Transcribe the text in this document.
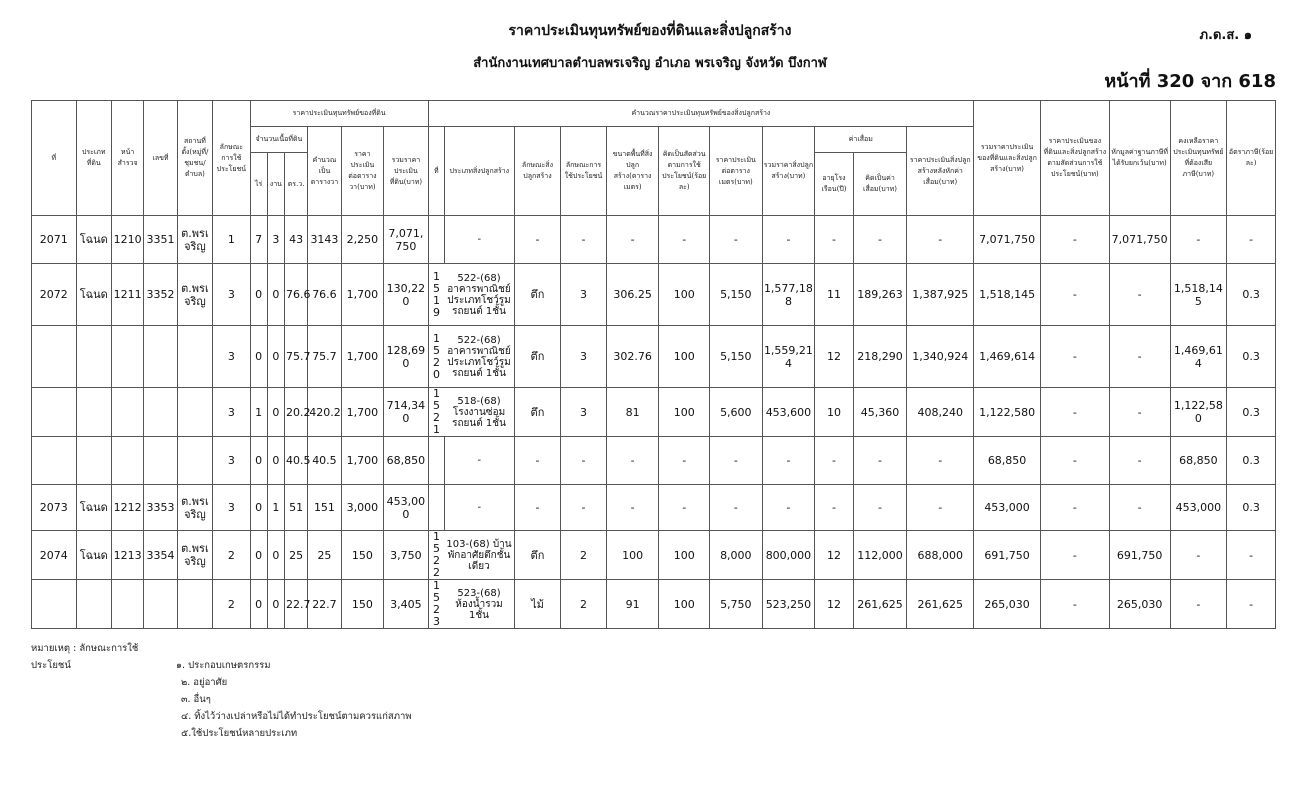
ราคาประเมินทุนทรัพย์ของที่ดินและสิ่งปลูกสร้าง	ภ.ด.ส. ๑
สำนักงานเทศบาลตำบลพรเจริญ อำเภอ พรเจริญ จังหวัด บึงกาฬ
หน้าที่ 320 จาก 618
ที่	ประเภทที่ดิน	หน้าสำรวจ	เลขที่	สถานที่ตั้ง(หมู่ที่/ชุมชน/ตำบล)	ลักษณะการใช้ประโยชน์	ราคาประเมินทุนทรัพย์ของที่ดิน						คำนวณราคาประเมินทุนทรัพย์ของสิ่งปลูกสร้าง											รวมราคาประเมินของที่ดินและสิ่งปลูกสร้าง(บาท)	ราคาประเมินของที่ดินและสิ่งปลูกสร้างตามสัดส่วนการใช้ประโยชน์(บาท)	หักมูลค่าฐานภาษีที่ได้รับยกเว้น(บาท)	คงเหลือราคาประเมินทุนทรัพย์ที่ต้องเสียภาษี(บาท)	อัตราภาษี(ร้อยละ)
						จำนวนเนื้อที่ดิน			คำนวณเป็นตารางวา	ราคาประเมินต่อตารางวา(บาท)	รวมราคาประเมินที่ดิน(บาท)	ที่	ประเภทสิ่งปลูกสร้าง	ลักษณะสิ่งปลูกสร้าง	ลักษณะการใช้ประโยชน์	ขนาดพื้นที่สิ่งปลูกสร้าง(ตารางเมตร)	คิดเป็นสัดส่วนตามการใช้ประโยชน์(ร้อยละ)	ราคาประเมินต่อตารางเมตร(บาท)	รวมราคาสิ่งปลูกสร้าง(บาท)	ค่าเสื่อม		ราคาประเมินสิ่งปลูกสร้างหลังหักค่าเสื่อม(บาท)					
						ไร่	งาน	ตร.ว.												อายุโรงเรือน(ปี)	คิดเป็นค่าเสื่อม(บาท)						
2071	โฉนด	1210	3351	ต.พรเจริญ	1	7	3	43	3143	2,250	7,071,750		-	-	-	-	-	-	-	-	-	-	7,071,750	-	7,071,750	-	-
2072	โฉนด	1211	3352	ต.พรเจริญ	3	0	0	76.6	76.6	1,700	130,220	1519	522-(68) อาคารพาณิชย์ประเภทโชว์รูมรถยนต์ 1ชั้น	ตึก	3	306.25	100	5,150	1,577,188	11	189,263	1,387,925	1,518,145	-	-	1,518,145	0.3
					3	0	0	75.7	75.7	1,700	128,690	1520	522-(68) อาคารพาณิชย์ประเภทโชว์รูมรถยนต์ 1ชั้น	ตึก	3	302.76	100	5,150	1,559,214	12	218,290	1,340,924	1,469,614	-	-	1,469,614	0.3
					3	1	0	20.2	420.2	1,700	714,340	1521	518-(68) โรงงานซ่อมรถยนต์ 1ชั้น	ตึก	3	81	100	5,600	453,600	10	45,360	408,240	1,122,580	-	-	1,122,580	0.3
					3	0	0	40.5	40.5	1,700	68,850		-	-	-	-	-	-	-	-	-	-	68,850	-	-	68,850	0.3
2073	โฉนด	1212	3353	ต.พรเจริญ	3	0	1	51	151	3,000	453,000		-	-	-	-	-	-	-	-	-	-	453,000	-	-	453,000	0.3
2074	โฉนด	1213	3354	ต.พรเจริญ	2	0	0	25	25	150	3,750	1522	103-(68) บ้านพักอาศัยตึกชั้นเดียว	ตึก	2	100	100	8,000	800,000	12	112,000	688,000	691,750	-	691,750	-	-
					2	0	0	22.7	22.7	150	3,405	1523	523-(68) ห้องน้ำรวม 1ชั้น	ไม้	2	91	100	5,750	523,250	12	261,625	261,625	265,030	-	265,030	-	-
หมายเหตุ : ลักษณะการใช้ประโยชน์	๑. ประกอบเกษตรกรรม
๒. อยู่อาศัย
๓. อื่นๆ
๔. ทิ้งไว้ว่างเปล่าหรือไม่ได้ทำประโยชน์ตามควรแก่สภาพ
๕.ใช้ประโยชน์หลายประเภท
